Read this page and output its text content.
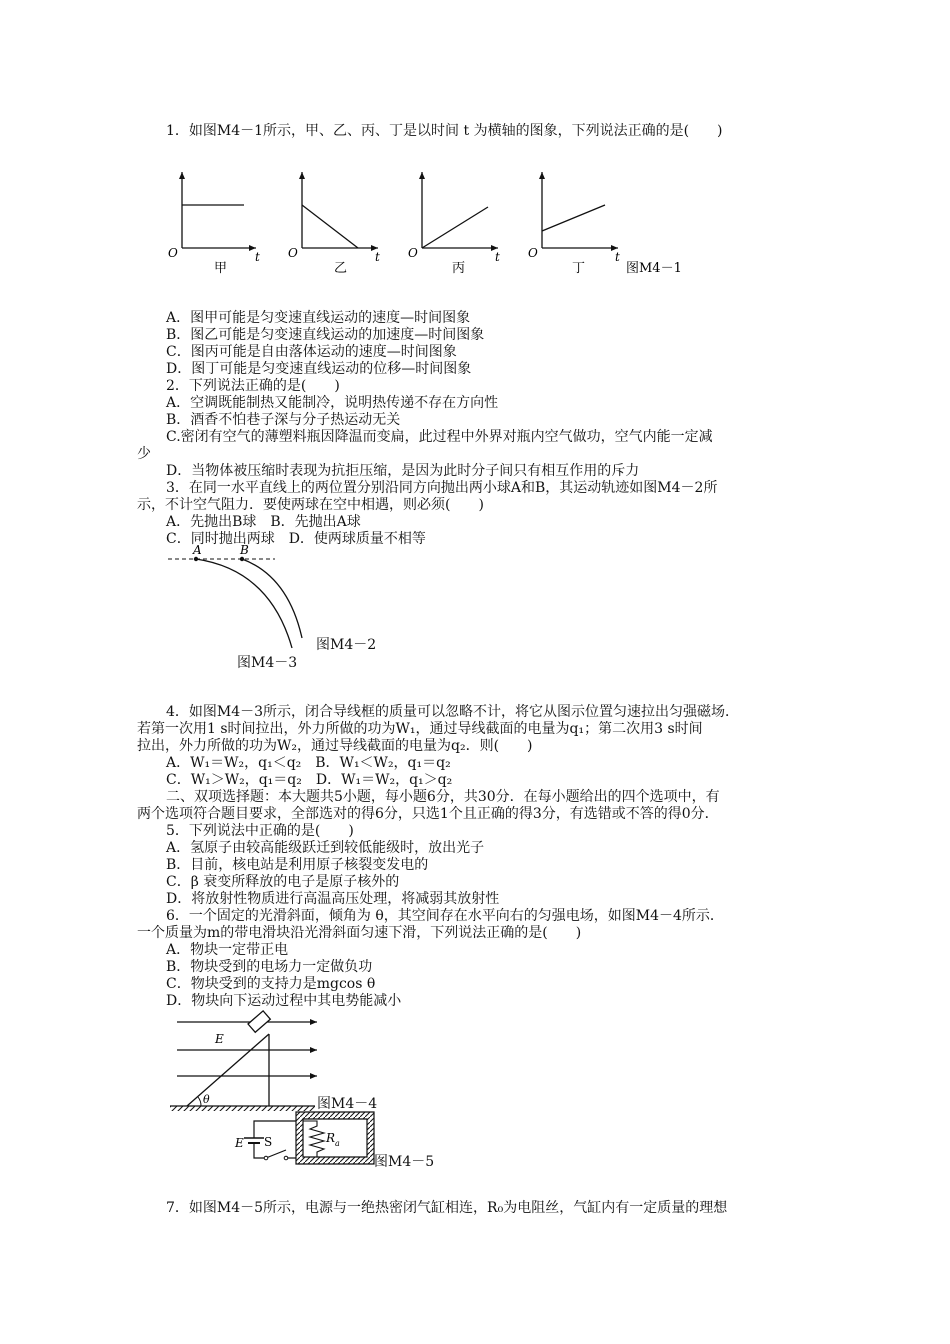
1．如图M4－1所示，甲、乙、丙、丁是以时间 t 为横轴的图象，下列说法正确的是(　　)
O	t
甲
O	t
乙
O	t
丙
O	t
丁	图M4－1
A．图甲可能是匀变速直线运动的速度—时间图象
B．图乙可能是匀变速直线运动的加速度—时间图象
C．图丙可能是自由落体运动的速度—时间图象
D．图丁可能是匀变速直线运动的位移—时间图象
2．下列说法正确的是(　　)
A．空调既能制热又能制冷，说明热传递不存在方向性
B．酒香不怕巷子深与分子热运动无关
C.密闭有空气的薄塑料瓶因降温而变扁，此过程中外界对瓶内空气做功，空气内能一定减
少
D．当物体被压缩时表现为抗拒压缩，是因为此时分子间只有相互作用的斥力
3．在同一水平直线上的两位置分别沿同方向抛出两小球A和B，其运动轨迹如图M4－2所
示，不计空气阻力．要使两球在空中相遇，则必须(　　)
A．先抛出B球　B．先抛出A球
C．同时抛出两球　D．使两球质量不相等
A	B
图M4－2
图M4－3
4．如图M4－3所示，闭合导线框的质量可以忽略不计，将它从图示位置匀速拉出匀强磁场．
若第一次用1 s时间拉出，外力所做的功为W₁，通过导线截面的电量为q₁；第二次用3 s时间
拉出，外力所做的功为W₂，通过导线截面的电量为q₂．则(　　)
A．W₁＝W₂，q₁＜q₂　B．W₁＜W₂，q₁＝q₂
C．W₁＞W₂，q₁＝q₂　D．W₁＝W₂，q₁＞q₂
二、双项选择题：本大题共5小题，每小题6分，共30分．在每小题给出的四个选项中，有
两个选项符合题目要求，全部选对的得6分，只选1个且正确的得3分，有选错或不答的得0分．
5．下列说法中正确的是(　　)
A．氢原子由较高能级跃迁到较低能级时，放出光子
B．目前，核电站是利用原子核裂变发电的
C．β 衰变所释放的电子是原子核外的
D．将放射性物质进行高温高压处理，将减弱其放射性
6．一个固定的光滑斜面，倾角为 θ，其空间存在水平向右的匀强电场，如图M4－4所示．
一个质量为m的带电滑块沿光滑斜面匀速下滑，下列说法正确的是(　　)
A．物块一定带正电
B．物块受到的电场力一定做负功
C．物块受到的支持力是mgcos θ
D．物块向下运动过程中其电势能减小
E
θ	图M4－4
E S	R a
图M4－5
7．如图M4－5所示，电源与一绝热密闭气缸相连，R₀为电阻丝，气缸内有一定质量的理想
